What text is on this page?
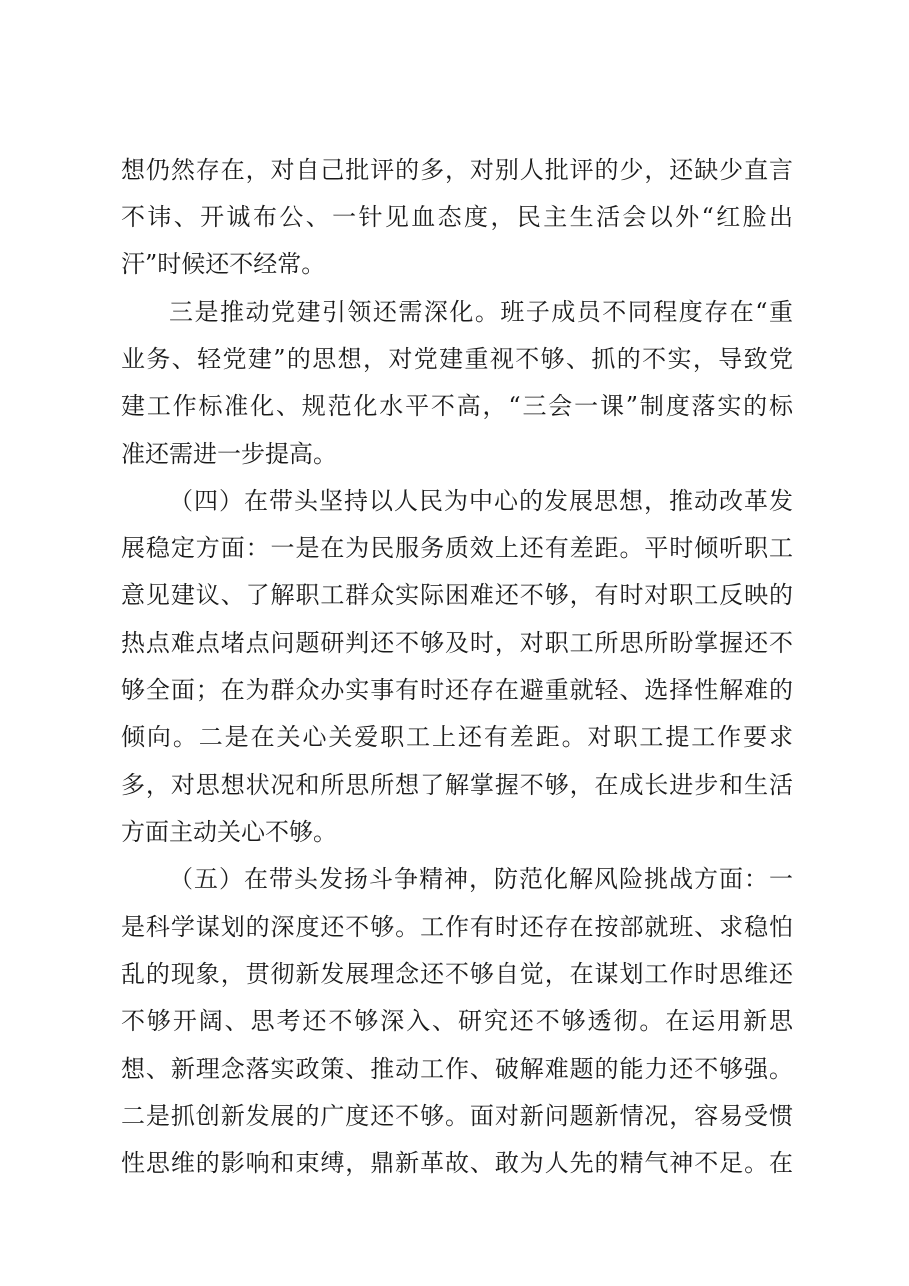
想仍然存在，对自己批评的多，对别人批评的少，还缺少直言
不讳、开诚布公、一针见血态度，民主生活会以外“红脸出
汗”时候还不经常。
三是推动党建引领还需深化。班子成员不同程度存在“重
业务、轻党建”的思想，对党建重视不够、抓的不实，导致党
建工作标准化、规范化水平不高，“三会一课”制度落实的标
准还需进一步提高。
（四）在带头坚持以人民为中心的发展思想，推动改革发
展稳定方面：一是在为民服务质效上还有差距。平时倾听职工
意见建议、了解职工群众实际困难还不够，有时对职工反映的
热点难点堵点问题研判还不够及时，对职工所思所盼掌握还不
够全面；在为群众办实事有时还存在避重就轻、选择性解难的
倾向。二是在关心关爱职工上还有差距。对职工提工作要求
多，对思想状况和所思所想了解掌握不够，在成长进步和生活
方面主动关心不够。
（五）在带头发扬斗争精神，防范化解风险挑战方面：一
是科学谋划的深度还不够。工作有时还存在按部就班、求稳怕
乱的现象，贯彻新发展理念还不够自觉，在谋划工作时思维还
不够开阔、思考还不够深入、研究还不够透彻。在运用新思
想、新理念落实政策、推动工作、破解难题的能力还不够强。
二是抓创新发展的广度还不够。面对新问题新情况，容易受惯
性思维的影响和束缚，鼎新革故、敢为人先的精气神不足。在
